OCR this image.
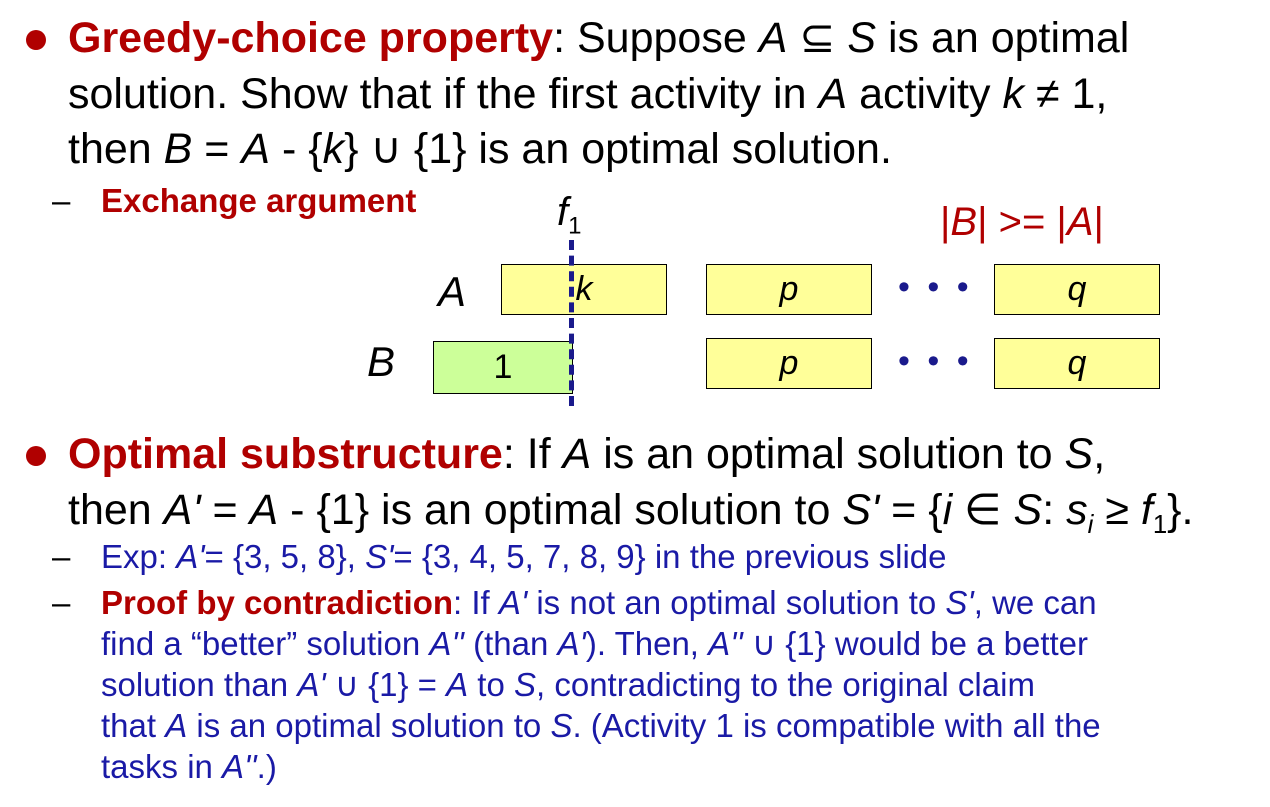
Greedy-choice property: Suppose A ⊆ S is an optimal
solution. Show that if the first activity in A activity k ≠ 1,
then B = A - {k} ∪ {1} is an optimal solution.
– Exchange argument	$f_1$	|B| >= |A|
A
B
k	p	• • •	q
1	p	• • •	q
Optimal substructure: If A is an optimal solution to S,
then A' = A - {1} is an optimal solution to S' = {i ∈ S: $s_i \ge f_1$}.
– Exp: A'= {3, 5, 8}, S'= {3, 4, 5, 7, 8, 9} in the previous slide
– Proof by contradiction: If A' is not an optimal solution to S', we can
find a “better” solution A'' (than A'). Then, A'' ∪ {1} would be a better
solution than A' ∪ {1} = A to S, contradicting to the original claim
that A is an optimal solution to S. (Activity 1 is compatible with all the
tasks in A''.)
